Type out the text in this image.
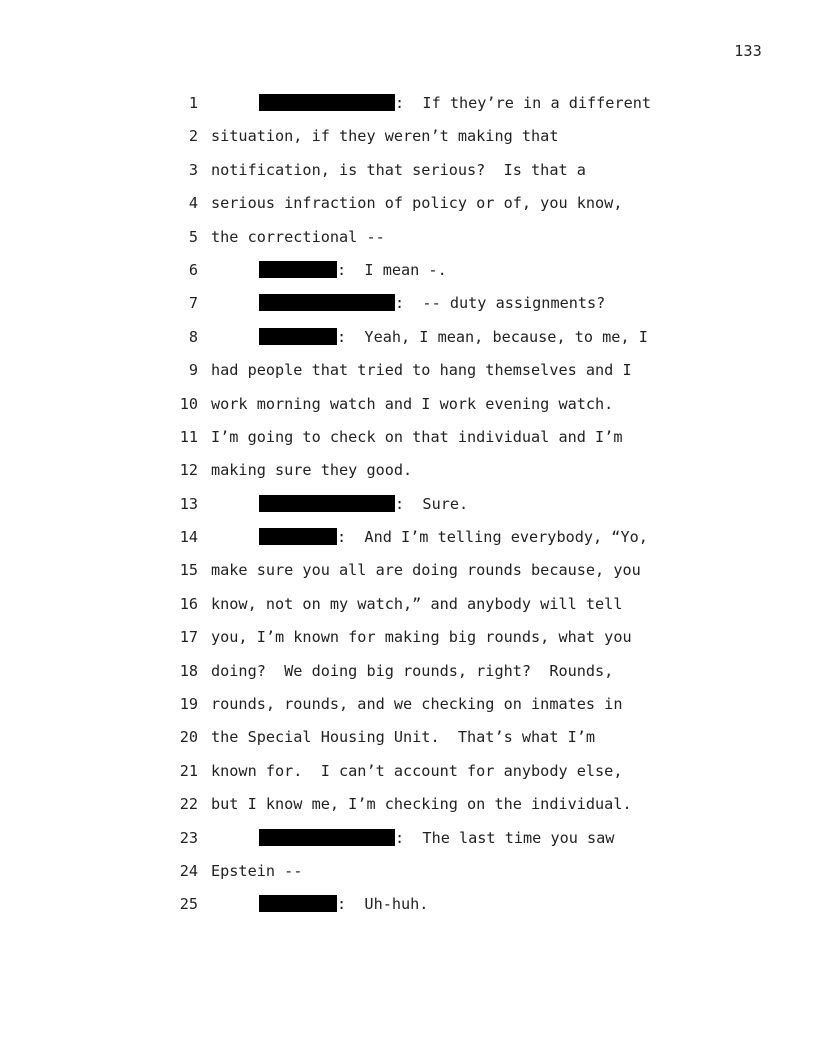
133
1	:  If they’re in a different
2 situation, if they weren’t making that
3 notification, is that serious?  Is that a
4 serious infraction of policy or of, you know,
5 the correctional --
6	:  I mean -.
7	:  -- duty assignments?
8	:  Yeah, I mean, because, to me, I
9 had people that tried to hang themselves and I
10 work morning watch and I work evening watch.
11 I’m going to check on that individual and I’m
12 making sure they good.
13	:  Sure.
14	:  And I’m telling everybody, “Yo,
15 make sure you all are doing rounds because, you
16 know, not on my watch,” and anybody will tell
17 you, I’m known for making big rounds, what you
18 doing?  We doing big rounds, right?  Rounds,
19 rounds, rounds, and we checking on inmates in
20 the Special Housing Unit.  That’s what I’m
21 known for.  I can’t account for anybody else,
22 but I know me, I’m checking on the individual.
23	:  The last time you saw
24 Epstein --
25	:  Uh-huh.
